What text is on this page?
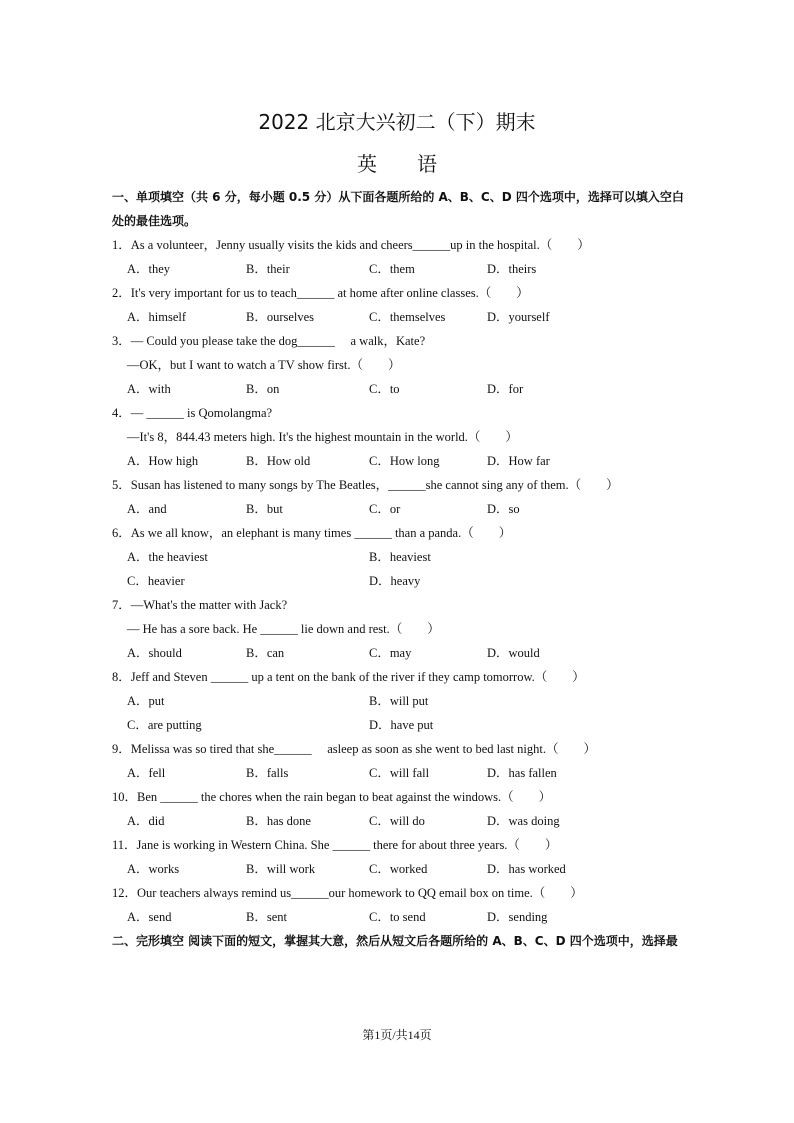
2022 北京大兴初二（下）期末
英　　语
一、单项填空（共 6 分，每小题 0.5 分）从下面各题所给的 A、B、C、D 四个选项中，选择可以填入空白
处的最佳选项。
1．As a volunteer，Jenny usually visits the kids and cheers______up in the hospital.（　　）
A．they	B．their	C．them	D．theirs
2．It's very important for us to teach______ at home after online classes.（　　）
A．himself	B．ourselves	C．themselves	D．yourself
3．— Could you please take the dog______ 　a walk，Kate?
—OK，but I want to watch a TV show first.（　　）
A．with	B．on	C．to	D．for
4．— ______ is Qomolangma?
—It's 8，844.43 meters high. It's the highest mountain in the world.（　　）
A．How high	B．How old	C．How long	D．How far
5．Susan has listened to many songs by The Beatles，______she cannot sing any of them.（　　）
A．and	B．but	C．or	D．so
6．As we all know，an elephant is many times ______ than a panda.（　　）
A．the heaviest	B．heaviest
C．heavier	D．heavy
7．—What's the matter with Jack?
— He has a sore back. He ______ lie down and rest.（　　）
A．should	B．can	C．may	D．would
8．Jeff and Steven ______ up a tent on the bank of the river if they camp tomorrow.（　　）
A．put	B．will put
C．are putting	D．have put
9．Melissa was so tired that she______ 　asleep as soon as she went to bed last night.（　　）
A．fell	B．falls	C．will fall	D．has fallen
10．Ben ______ the chores when the rain began to beat against the windows.（　　）
A．did	B．has done	C．will do	D．was doing
11．Jane is working in Western China. She ______ there for about three years.（　　）
A．works	B．will work	C．worked	D．has worked
12．Our teachers always remind us______our homework to QQ email box on time.（　　）
A．send	B．sent	C．to send	D．sending
二、完形填空 阅读下面的短文，掌握其大意，然后从短文后各题所给的 A、B、C、D 四个选项中，选择最
第1页/共14页
